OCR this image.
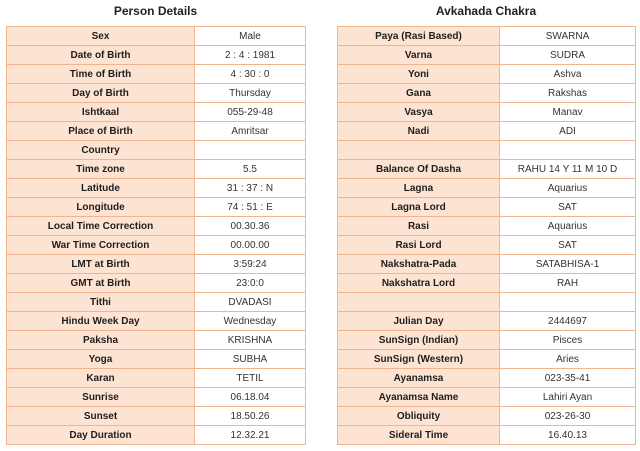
Person Details
Sex	Male
Date of Birth	2 : 4 : 1981
Time of Birth	4 : 30 : 0
Day of Birth	Thursday
Ishtkaal	055-29-48
Place of Birth	Amritsar
Country	
Time zone	5.5
Latitude	31 : 37 : N
Longitude	74 : 51 : E
Local Time Correction	00.30.36
War Time Correction	00.00.00
LMT at Birth	3:59:24
GMT at Birth	23:0:0
Tithi	DVADASI
Hindu Week Day	Wednesday
Paksha	KRISHNA
Yoga	SUBHA
Karan	TETIL
Sunrise	06.18.04
Sunset	18.50.26
Day Duration	12.32.21
Avkahada Chakra
Paya (Rasi Based)	SWARNA
Varna	SUDRA
Yoni	Ashva
Gana	Rakshas
Vasya	Manav
Nadi	ADI

Balance Of Dasha	RAHU 14 Y 11 M 10 D
Lagna	Aquarius
Lagna Lord	SAT
Rasi	Aquarius
Rasi Lord	SAT
Nakshatra-Pada	SATABHISA-1
Nakshatra Lord	RAH

Julian Day	2444697
SunSign (Indian)	Pisces
SunSign (Western)	Aries
Ayanamsa	023-35-41
Ayanamsa Name	Lahiri Ayan
Obliquity	023-26-30
Sideral Time	16.40.13
